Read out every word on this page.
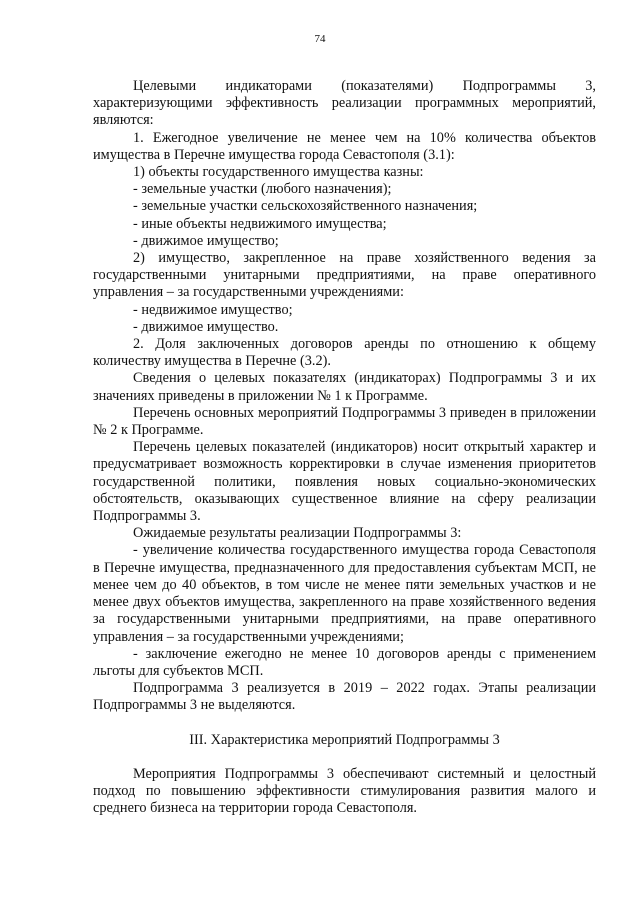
74

Целевыми индикаторами (показателями) Подпрограммы 3, характеризующими эффективность реализации программных мероприятий, являются:

1. Ежегодное увеличение не менее чем на 10% количества объектов имущества в Перечне имущества города Севастополя (3.1):

1) объекты государственного имущества казны:

- земельные участки (любого назначения);

- земельные участки сельскохозяйственного назначения;

- иные объекты недвижимого имущества;

- движимое имущество;

2) имущество, закрепленное на праве хозяйственного ведения за государственными унитарными предприятиями, на праве оперативного управления – за государственными учреждениями:

- недвижимое имущество;

- движимое имущество.

2. Доля заключенных договоров аренды по отношению к общему количеству имущества в Перечне (3.2).

Сведения о целевых показателях (индикаторах) Подпрограммы 3 и их значениях приведены в приложении № 1 к Программе.

Перечень основных мероприятий Подпрограммы 3 приведен в приложении № 2 к Программе.

Перечень целевых показателей (индикаторов) носит открытый характер и предусматривает возможность корректировки в случае изменения приоритетов государственной политики, появления новых социально-экономических обстоятельств, оказывающих существенное влияние на сферу реализации Подпрограммы 3.

Ожидаемые результаты реализации Подпрограммы 3:

- увеличение количества государственного имущества города Севастополя в Перечне имущества, предназначенного для предоставления субъектам МСП, не менее чем до 40 объектов, в том числе не менее пяти земельных участков и не менее двух объектов имущества, закрепленного на праве хозяйственного ведения за государственными унитарными предприятиями, на праве оперативного управления – за государственными учреждениями;

- заключение ежегодно не менее 10 договоров аренды с применением льготы для субъектов МСП.

Подпрограмма 3 реализуется в 2019 – 2022 годах. Этапы реализации Подпрограммы 3 не выделяются.

III. Характеристика мероприятий Подпрограммы 3

Мероприятия Подпрограммы 3 обеспечивают системный и целостный подход по повышению эффективности стимулирования развития малого и среднего бизнеса на территории города Севастополя.
